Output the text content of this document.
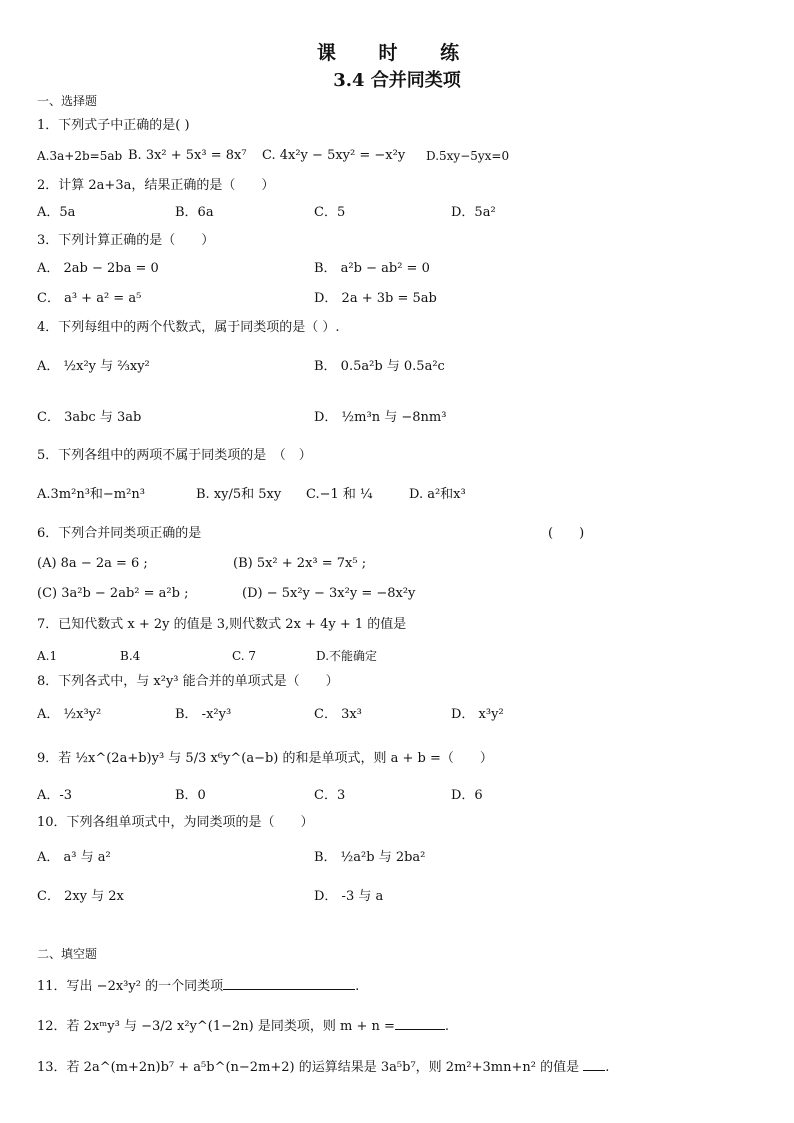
课 时 练
3.4 合并同类项
一、选择题
1．下列式子中正确的是( )
A.3a+2b=5ab B. 3x² + 5x³ = 8x⁷ C. 4x²y − 5xy² = −x²y D.5xy−5yx=0
2．计算 2a+3a，结果正确的是（　　）
A．5a	B．6a	C．5	D．5a²
3．下列计算正确的是（　　）
A． 2ab − 2ba = 0	B． a²b − ab² = 0
C． a³ + a² = a⁵	D． 2a + 3b = 5ab
4．下列每组中的两个代数式，属于同类项的是（ ）.
A． ½x²y 与 ⅔xy²	B． 0.5a²b 与 0.5a²c
C． 3abc 与 3ab	D． ½m³n 与 −8nm³
5．下列各组中的两项不属于同类项的是　（　）
A.3m²n³和−m²n³	B. xy/5和 5xy C.−1 和 ¼	D. a²和x³
6．下列合并同类项正确的是	(　　)
(A) 8a − 2a = 6 ;	(B) 5x² + 2x³ = 7x⁵ ;
(C) 3a²b − 2ab² = a²b ;	(D) − 5x²y − 3x²y = −8x²y
7．已知代数式 x + 2y 的值是 3,则代数式 2x + 4y + 1 的值是
A.1	B.4	C. 7	D.不能确定
8．下列各式中，与 x²y³ 能合并的单项式是（　　）
A． ½x³y²	B． -x²y³	C． 3x³	D． x³y²
9．若 ½x^(2a+b)y³ 与 5/3 x⁶y^(a−b) 的和是单项式，则 a + b =（　　）
A．-3	B．0	C．3	D．6
10．下列各组单项式中，为同类项的是（　　）
A． a³ 与 a²	B． ½a²b 与 2ba²
C． 2xy 与 2x	D． -3 与 a
二、填空题
11．写出 −2x³y² 的一个同类项	.
12．若 2xᵐy³ 与 −3/2 x²y^(1−2n) 是同类项，则 m + n =	.
13．若 2a^(m+2n)b⁷ + a⁵b^(n−2m+2) 的运算结果是 3a⁵b⁷，则 2m²+3mn+n² 的值是 .
